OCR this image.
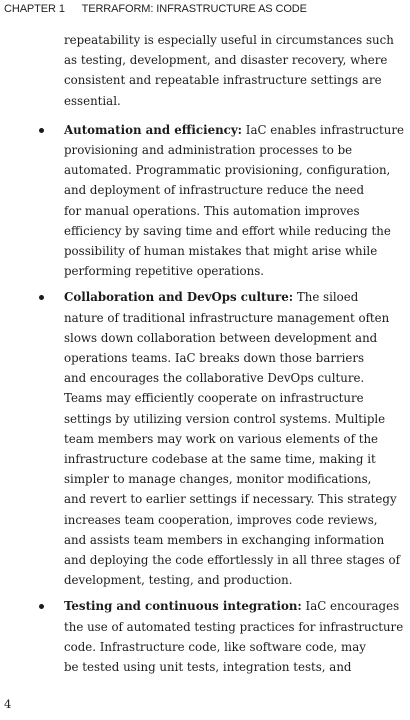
CHAPTER 1 TERRAFORM: INFRASTRUCTURE AS CODE

repeatability is especially useful in circumstances such
as testing, development, and disaster recovery, where
consistent and repeatable infrastructure settings are
essential.

Automation and efficiency: IaC enables infrastructure
provisioning and administration processes to be
automated. Programmatic provisioning, configuration,
and deployment of infrastructure reduce the need
for manual operations. This automation improves
efficiency by saving time and effort while reducing the
possibility of human mistakes that might arise while
performing repetitive operations.
Collaboration and DevOps culture: The siloed
nature of traditional infrastructure management often
slows down collaboration between development and
operations teams. IaC breaks down those barriers
and encourages the collaborative DevOps culture.
Teams may efficiently cooperate on infrastructure
settings by utilizing version control systems. Multiple
team members may work on various elements of the
infrastructure codebase at the same time, making it
simpler to manage changes, monitor modifications,
and revert to earlier settings if necessary. This strategy
increases team cooperation, improves code reviews,
and assists team members in exchanging information
and deploying the code effortlessly in all three stages of
development, testing, and production.
Testing and continuous integration: IaC encourages
the use of automated testing practices for infrastructure
code. Infrastructure code, like software code, may
be tested using unit tests, integration tests, and
4
